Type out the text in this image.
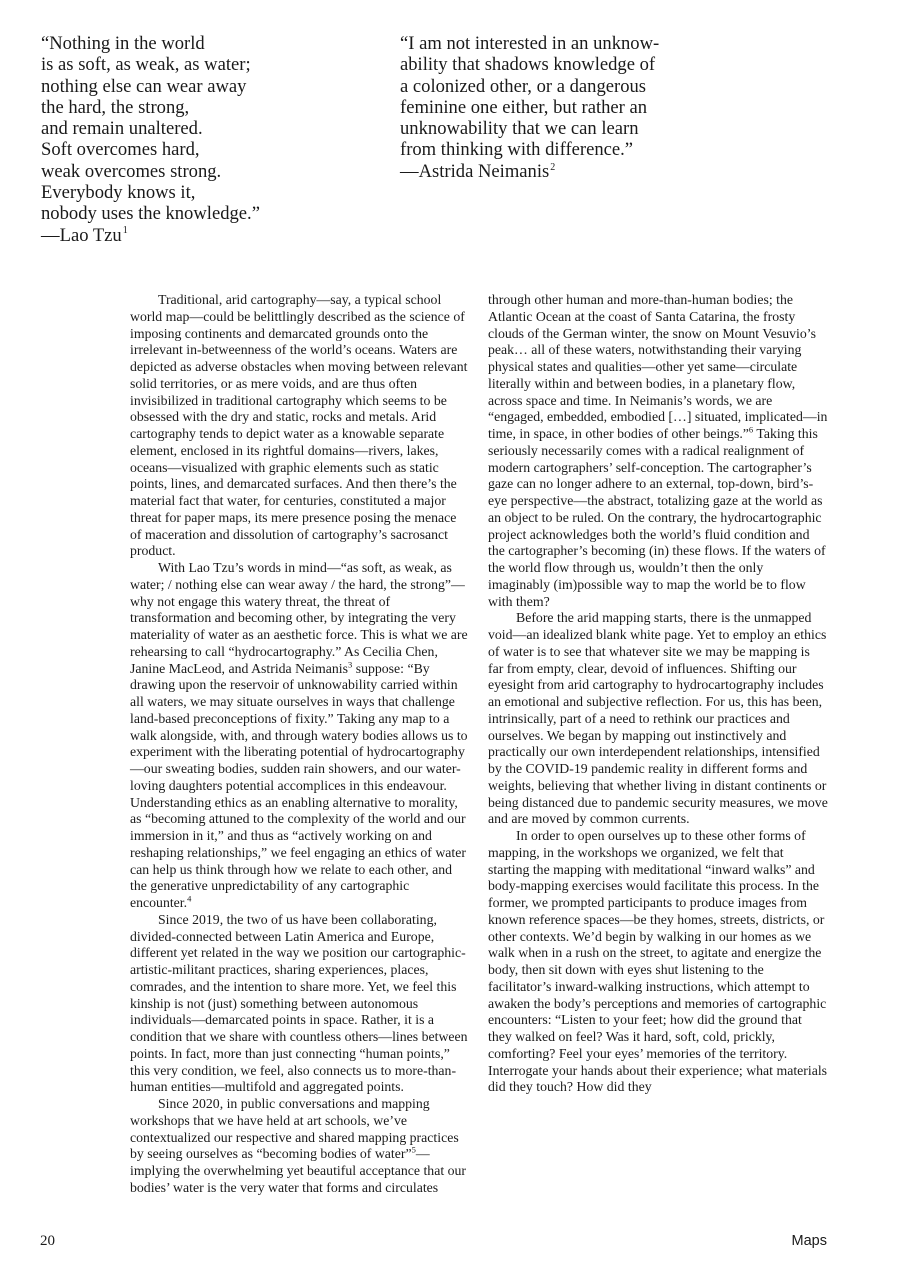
“Nothing in the world
is as soft, as weak, as water;
nothing else can wear away
the hard, the strong,
and remain unaltered.
Soft overcomes hard,
weak overcomes strong.
Everybody knows it,
nobody uses the knowledge.”
—Lao Tzu$^1$
“I am not interested in an unknow-
ability that shadows knowledge of
a colonized other, or a dangerous
feminine one either, but rather an
unknowability that we can learn
from thinking with difference.”
—Astrida Neimanis$^2$

Traditional, arid cartography—say, a typical school world map—could be belittlingly described as the science of imposing continents and demarcated grounds onto the irrelevant in-betweenness of the world’s oceans. Waters are depicted as adverse obstacles when moving between relevant solid territories, or as mere voids, and are thus often invisibilized in traditional cartography which seems to be obsessed with the dry and static, rocks and metals. Arid cartography tends to depict water as a knowable separate element, enclosed in its rightful domains—rivers, lakes, oceans—visualized with graphic elements such as static points, lines, and demarcated surfaces. And then there’s the material fact that water, for centuries, constituted a major threat for paper maps, its mere presence posing the menace of maceration and dissolution of cartography’s sacrosanct product.

With Lao Tzu’s words in mind—“as soft, as weak, as water; / nothing else can wear away / the hard, the strong”—why not engage this watery threat, the threat of transformation and becoming other, by integrating the very materiality of water as an aesthetic force. This is what we are rehearsing to call “hydrocartography.” As Cecilia Chen, Janine MacLeod, and Astrida Neimanis$^3$ suppose: “By drawing upon the reservoir of unknowability carried within all waters, we may situate ourselves in ways that challenge land-based preconceptions of fixity.” Taking any map to a walk alongside, with, and through watery bodies allows us to experiment with the liberating potential of hydrocartography—our sweating bodies, sudden rain showers, and our water-loving daughters potential accomplices in this endeavour. Understanding ethics as an enabling alternative to morality, as “becoming attuned to the complexity of the world and our immersion in it,” and thus as “actively working on and reshaping relationships,” we feel engaging an ethics of water can help us think through how we relate to each other, and the generative unpredictability of any cartographic encounter.$^4$

Since 2019, the two of us have been collaborating, divided-connected between Latin America and Europe, different yet related in the way we position our cartographic-artistic-militant practices, sharing experiences, places, comrades, and the intention to share more. Yet, we feel this kinship is not (just) something between autonomous individuals—demarcated points in space. Rather, it is a condition that we share with countless others—lines between points. In fact, more than just connecting “human points,” this very condition, we feel, also connects us to more-than-human entities—multifold and aggregated points.

Since 2020, in public conversations and mapping workshops that we have held at art schools, we’ve contextualized our respective and shared mapping practices by seeing ourselves as “becoming bodies of water”$^5$—implying the overwhelming yet beautiful acceptance that our bodies’ water is the very water that forms and circulates

through other human and more-than-human bodies; the Atlantic Ocean at the coast of Santa Catarina, the frosty clouds of the German winter, the snow on Mount Vesuvio’s peak… all of these waters, notwithstanding their varying physical states and qualities—other yet same—circulate literally within and between bodies, in a planetary flow, across space and time. In Neimanis’s words, we are “engaged, embedded, embodied […] situated, implicated—in time, in space, in other bodies of other beings.”$^6$ Taking this seriously necessarily comes with a radical realignment of modern cartographers’ self-conception. The cartographer’s gaze can no longer adhere to an external, top-down, bird’s-eye perspective—the abstract, totalizing gaze at the world as an object to be ruled. On the contrary, the hydrocartographic project acknowledges both the world’s fluid condition and the cartographer’s becoming (in) these flows. If the waters of the world flow through us, wouldn’t then the only imaginably (im)possible way to map the world be to flow with them?

Before the arid mapping starts, there is the unmapped void—an idealized blank white page. Yet to employ an ethics of water is to see that whatever site we may be mapping is far from empty, clear, devoid of influences. Shifting our eyesight from arid cartography to hydrocartography includes an emotional and subjective reflection. For us, this has been, intrinsically, part of a need to rethink our practices and ourselves. We began by mapping out instinctively and practically our own interdependent relationships, intensified by the COVID-19 pandemic reality in different forms and weights, believing that whether living in distant continents or being distanced due to pandemic security measures, we move and are moved by common currents.

In order to open ourselves up to these other forms of mapping, in the workshops we organized, we felt that starting the mapping with meditational “inward walks” and body-mapping exercises would facilitate this process. In the former, we prompted participants to produce images from known reference spaces—be they homes, streets, districts, or other contexts. We’d begin by walking in our homes as we walk when in a rush on the street, to agitate and energize the body, then sit down with eyes shut listening to the facilitator’s inward-walking instructions, which attempt to awaken the body’s perceptions and memories of cartographic encounters: “Listen to your feet; how did the ground that they walked on feel? Was it hard, soft, cold, prickly, comforting? Feel your eyes’ memories of the territory. Interrogate your hands about their experience; what materials did they touch? How did they

20	Maps
